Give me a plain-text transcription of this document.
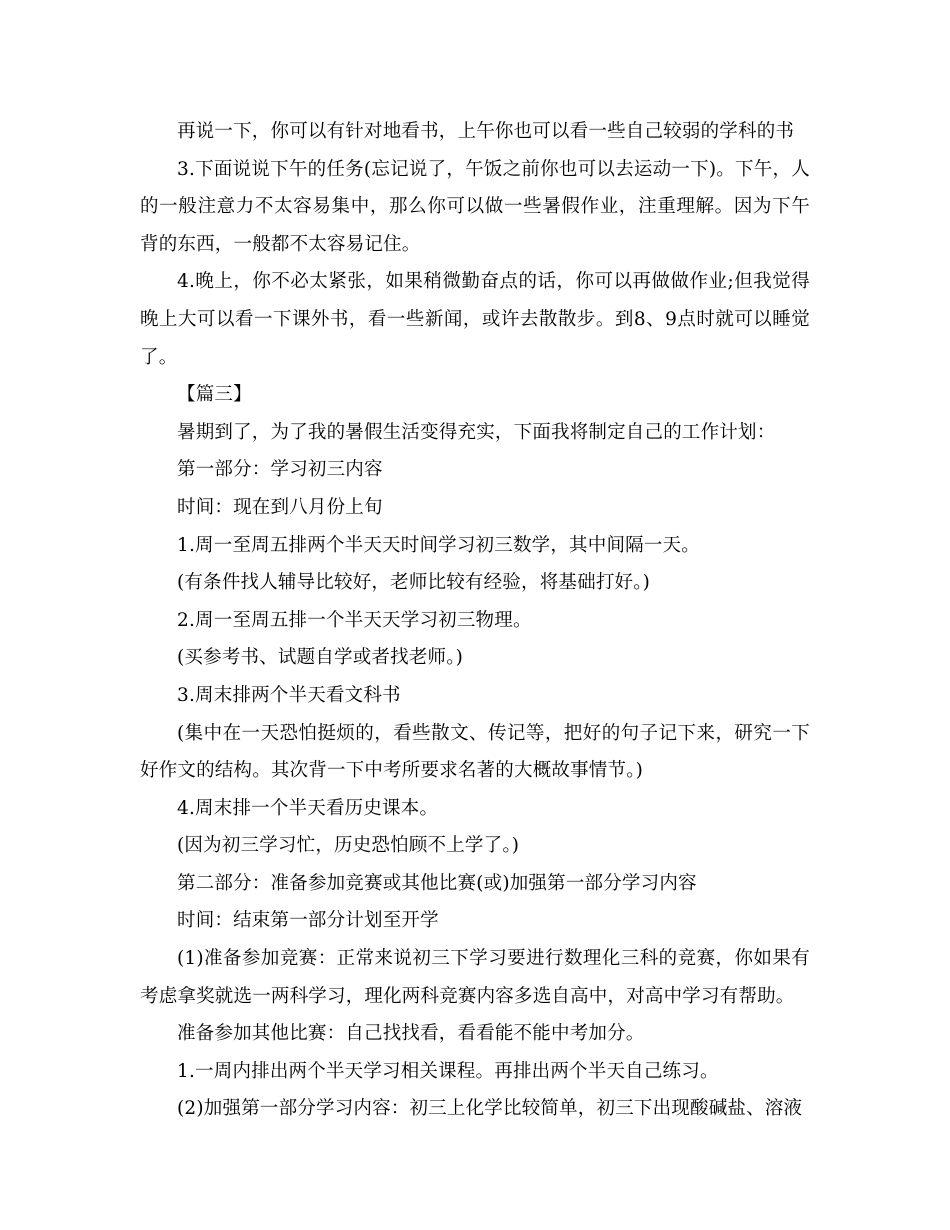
再说一下，你可以有针对地看书，上午你也可以看一些自己较弱的学科的书

3.下面说说下午的任务(忘记说了，午饭之前你也可以去运动一下)。下午，人的一般注意力不太容易集中，那么你可以做一些暑假作业，注重理解。因为下午背的东西，一般都不太容易记住。

4.晚上，你不必太紧张，如果稍微勤奋点的话，你可以再做做作业;但我觉得晚上大可以看一下课外书，看一些新闻，或许去散散步。到8、9点时就可以睡觉了。

【篇三】

暑期到了，为了我的暑假生活变得充实，下面我将制定自己的工作计划：

第一部分：学习初三内容

时间：现在到八月份上旬

1.周一至周五排两个半天天时间学习初三数学，其中间隔一天。

(有条件找人辅导比较好，老师比较有经验，将基础打好。)

2.周一至周五排一个半天天学习初三物理。

(买参考书、试题自学或者找老师。)

3.周末排两个半天看文科书

(集中在一天恐怕挺烦的，看些散文、传记等，把好的句子记下来，研究一下好作文的结构。其次背一下中考所要求名著的大概故事情节。)

4.周末排一个半天看历史课本。

(因为初三学习忙，历史恐怕顾不上学了。)

第二部分：准备参加竞赛或其他比赛(或)加强第一部分学习内容

时间：结束第一部分计划至开学

(1)准备参加竞赛：正常来说初三下学习要进行数理化三科的竞赛，你如果有考虑拿奖就选一两科学习，理化两科竞赛内容多选自高中，对高中学习有帮助。

准备参加其他比赛：自己找找看，看看能不能中考加分。

1.一周内排出两个半天学习相关课程。再排出两个半天自己练习。

(2)加强第一部分学习内容：初三上化学比较简单，初三下出现酸碱盐、溶液
